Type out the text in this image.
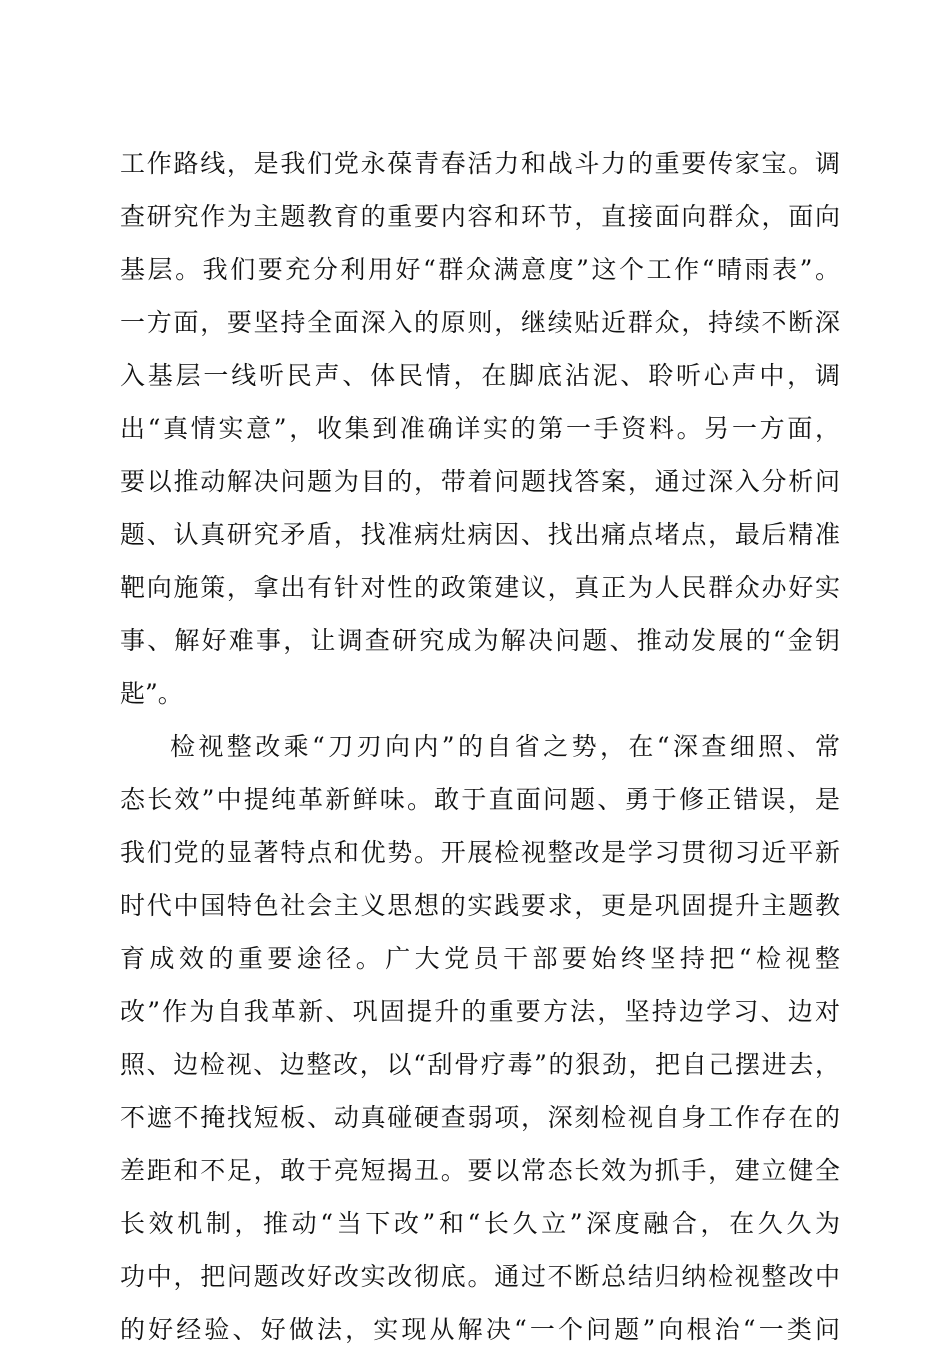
工作路线，是我们党永葆青春活力和战斗力的重要传家宝。调
查研究作为主题教育的重要内容和环节，直接面向群众，面向
基层。我们要充分利用好“群众满意度”这个工作“晴雨表”。
一方面，要坚持全面深入的原则，继续贴近群众，持续不断深
入基层一线听民声、体民情，在脚底沾泥、聆听心声中，调
出“真情实意”，收集到准确详实的第一手资料。另一方面，
要以推动解决问题为目的，带着问题找答案，通过深入分析问
题、认真研究矛盾，找准病灶病因、找出痛点堵点，最后精准
靶向施策，拿出有针对性的政策建议，真正为人民群众办好实
事、解好难事，让调查研究成为解决问题、推动发展的“金钥
匙”。
检视整改乘“刀刃向内”的自省之势，在“深查细照、常
态长效”中提纯革新鲜味。敢于直面问题、勇于修正错误，是
我们党的显著特点和优势。开展检视整改是学习贯彻习近平新
时代中国特色社会主义思想的实践要求，更是巩固提升主题教
育成效的重要途径。广大党员干部要始终坚持把“检视整
改”作为自我革新、巩固提升的重要方法，坚持边学习、边对
照、边检视、边整改，以“刮骨疗毒”的狠劲，把自己摆进去，
不遮不掩找短板、动真碰硬查弱项，深刻检视自身工作存在的
差距和不足，敢于亮短揭丑。要以常态长效为抓手，建立健全
长效机制，推动“当下改”和“长久立”深度融合，在久久为
功中，把问题改好改实改彻底。通过不断总结归纳检视整改中
的好经验、好做法，实现从解决“一个问题”向根治“一类问
